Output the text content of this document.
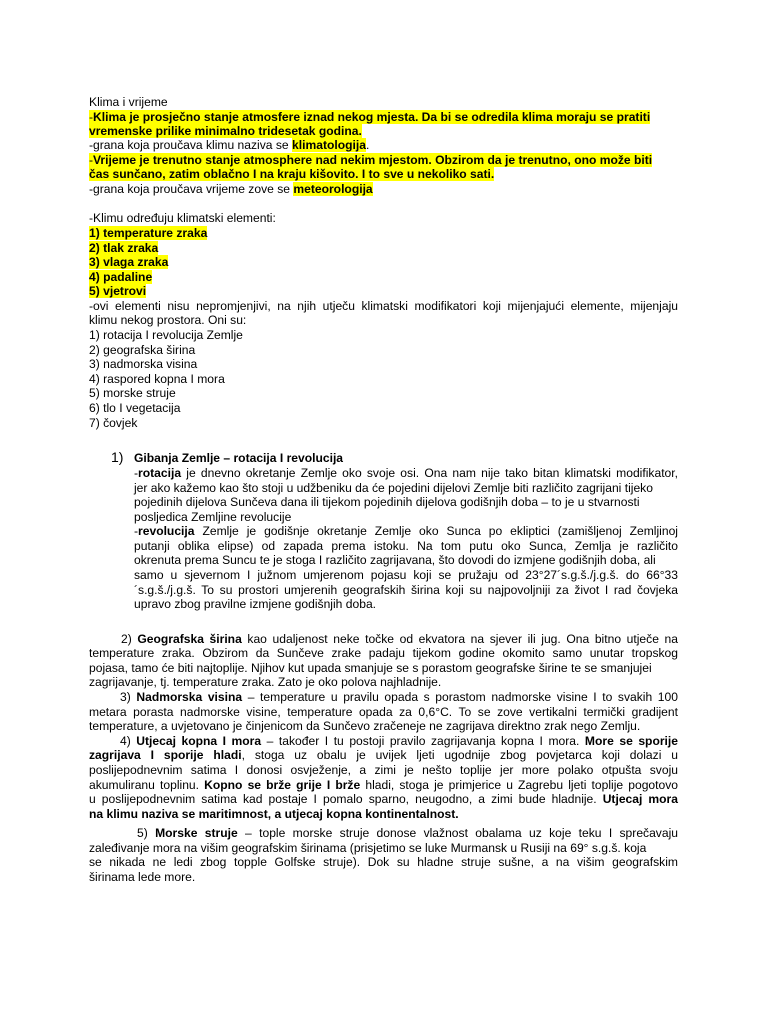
Klima i vrijeme
-Klima je prosječno stanje atmosfere iznad nekog mjesta. Da bi se odredila klima moraju se pratiti
vremenske prilike minimalno tridesetak godina.
-grana koja proučava klimu naziva se klimatologija.
-Vrijeme je trenutno stanje atmosphere nad nekim mjestom. Obzirom da je trenutno, ono može biti
čas sunčano, zatim oblačno I na kraju kišovito. I to sve u nekoliko sati.
-grana koja proučava vrijeme zove se meteorologija
-Klimu određuju klimatski elementi:
1) temperature zraka
2) tlak zraka
3) vlaga zraka
4) padaline
5) vjetrovi
-ovi elementi nisu nepromjenjivi, na njih utječu klimatski modifikatori koji mijenjajući elemente, mijenjaju
klimu nekog prostora. Oni su:
1) rotacija I revolucija Zemlje
2) geografska širina
3) nadmorska visina
4) raspored kopna I mora
5) morske struje
6) tlo I vegetacija
7) čovjek
1) Gibanja Zemlje – rotacija I revolucija
-rotacija je dnevno okretanje Zemlje oko svoje osi. Ona nam nije tako bitan klimatski modifikator,
jer ako kažemo kao što stoji u udžbeniku da će pojedini dijelovi Zemlje biti različito zagrijani tijeko
pojedinih dijelova Sunčeva dana ili tijekom pojedinih dijelova godišnjih doba – to je u stvarnosti
posljedica Zemljine revolucije
-revolucija Zemlje je godišnje okretanje Zemlje oko Sunca po ekliptici (zamišljenoj Zemljinoj
putanji oblika elipse) od zapada prema istoku. Na tom putu oko Sunca, Zemlja je različito
okrenuta prema Suncu te je stoga I različito zagrijavana, što dovodi do izmjene godišnjih doba, ali
samo u sjevernom I južnom umjerenom pojasu koji se pružaju od 23°27´s.g.š./j.g.š. do 66°33
´s.g.š./j.g.š. To su prostori umjerenih geografskih širina koji su najpovoljniji za život I rad čovjeka
upravo zbog pravilne izmjene godišnjih doba.
2) Geografska širina kao udaljenost neke točke od ekvatora na sjever ili jug. Ona bitno utječe na
temperature zraka. Obzirom da Sunčeve zrake padaju tijekom godine okomito samo unutar tropskog
pojasa, tamo će biti najtoplije. Njihov kut upada smanjuje se s porastom geografske širine te se smanjujei
zagrijavanje, tj. temperature zraka. Zato je oko polova najhladnije.
3) Nadmorska visina – temperature u pravilu opada s porastom nadmorske visine I to svakih 100
metara porasta nadmorske visine, temperature opada za 0,6°C. To se zove vertikalni termički gradijent
temperature, a uvjetovano je činjenicom da Sunčevo zračeneje ne zagrijava direktno zrak nego Zemlju.
4) Utjecaj kopna I mora – također I tu postoji pravilo zagrijavanja kopna I mora. More se sporije
zagrijava I sporije hladi, stoga uz obalu je uvijek ljeti ugodnije zbog povjetarca koji dolazi u
poslijepodnevnim satima I donosi osvježenje, a zimi je nešto toplije jer more polako otpušta svoju
akumuliranu toplinu. Kopno se brže grije I brže hladi, stoga je primjerice u Zagrebu ljeti toplije pogotovo
u poslijepodnevnim satima kad postaje I pomalo sparno, neugodno, a zimi bude hladnije. Utjecaj mora
na klimu naziva se maritimnost, a utjecaj kopna kontinentalnost.
5) Morske struje – tople morske struje donose vlažnost obalama uz koje teku I sprečavaju
zaleđivanje mora na višim geografskim širinama (prisjetimo se luke Murmansk u Rusiji na 69° s.g.š. koja
se nikada ne ledi zbog topple Golfske struje). Dok su hladne struje sušne, a na višim geografskim
širinama lede more.
